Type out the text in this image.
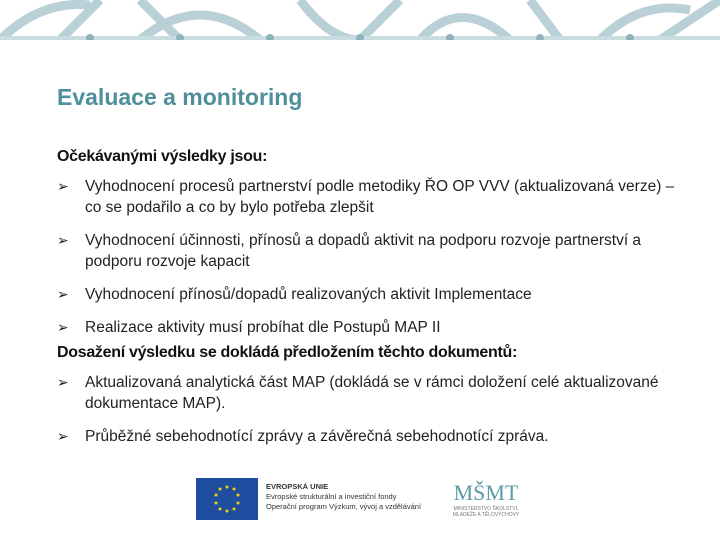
Evaluace a monitoring
Očekávanými výsledky jsou:
➢ Vyhodnocení procesů partnerství podle metodiky ŘO OP VVV (aktualizovaná verze) – co se podařilo a co by bylo potřeba zlepšit
➢ Vyhodnocení účinnosti, přínosů a dopadů aktivit na podporu rozvoje partnerství a podporu rozvoje kapacit
➢ Vyhodnocení přínosů/dopadů realizovaných aktivit Implementace
➢ Realizace aktivity musí probíhat dle Postupů MAP II
Dosažení výsledku se dokládá předložením těchto dokumentů:
➢ Aktualizovaná analytická část MAP (dokládá se v rámci doložení celé aktualizované dokumentace MAP).
➢ Průběžné sebehodnotící zprávy a závěrečná sebehodnotící zpráva.
EVROPSKÁ UNIE
Evropské strukturální a investiční fondy
Operační program Výzkum, vývoj a vzdělávání
MŠMT
MINISTERSTVO ŠKOLSTVÍ, MLÁDEŽE A TĚLOVÝCHOVY
